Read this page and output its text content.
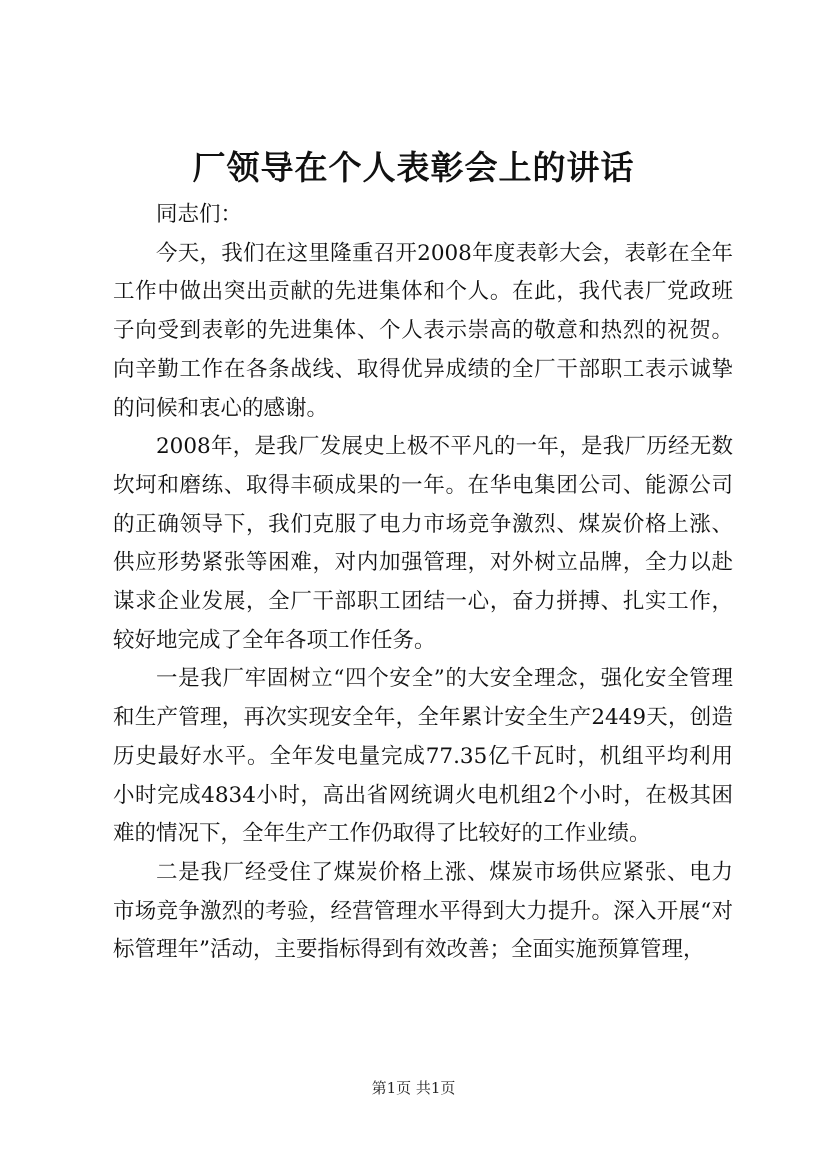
厂领导在个人表彰会上的讲话

同志们：

今天，我们在这里隆重召开2008年度表彰大会，表彰在全年工作中做出突出贡献的先进集体和个人。在此，我代表厂党政班子向受到表彰的先进集体、个人表示崇高的敬意和热烈的祝贺。向辛勤工作在各条战线、取得优异成绩的全厂干部职工表示诚挚的问候和衷心的感谢。

2008年，是我厂发展史上极不平凡的一年，是我厂历经无数坎坷和磨练、取得丰硕成果的一年。在华电集团公司、能源公司的正确领导下，我们克服了电力市场竞争激烈、煤炭价格上涨、供应形势紧张等困难，对内加强管理，对外树立品牌，全力以赴谋求企业发展，全厂干部职工团结一心，奋力拼搏、扎实工作，较好地完成了全年各项工作任务。

一是我厂牢固树立“四个安全”的大安全理念，强化安全管理和生产管理，再次实现安全年，全年累计安全生产2449天，创造历史最好水平。全年发电量完成77.35亿千瓦时，机组平均利用小时完成4834小时，高出省网统调火电机组2个小时，在极其困难的情况下，全年生产工作仍取得了比较好的工作业绩。

二是我厂经受住了煤炭价格上涨、煤炭市场供应紧张、电力市场竞争激烈的考验，经营管理水平得到大力提升。深入开展“对标管理年”活动，主要指标得到有效改善；全面实施预算管理，

第1页 共1页
